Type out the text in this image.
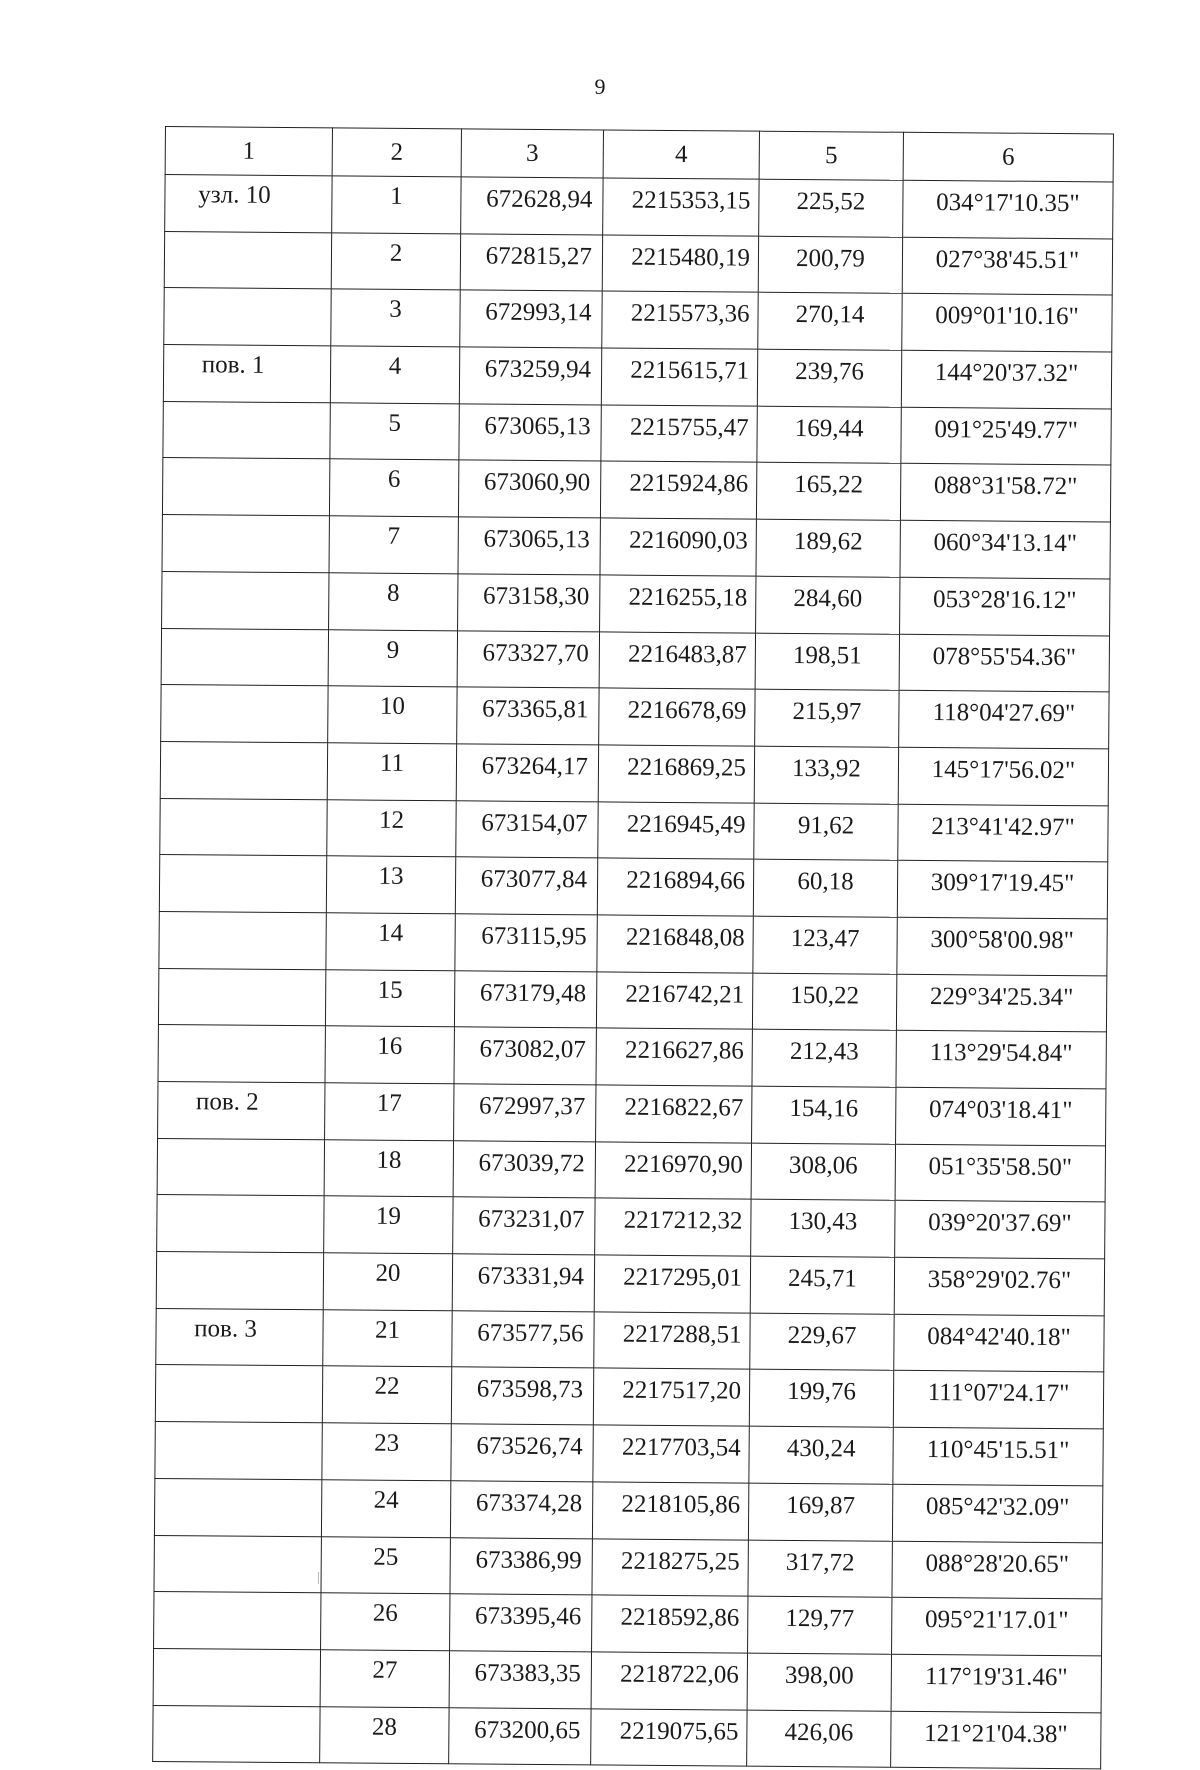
9
1	2	3	4	5	6
узл. 10	1	672628,94	2215353,15	225,52	034°17'10.35"
	2	672815,27	2215480,19	200,79	027°38'45.51"
	3	672993,14	2215573,36	270,14	009°01'10.16"
пов. 1	4	673259,94	2215615,71	239,76	144°20'37.32"
	5	673065,13	2215755,47	169,44	091°25'49.77"
	6	673060,90	2215924,86	165,22	088°31'58.72"
	7	673065,13	2216090,03	189,62	060°34'13.14"
	8	673158,30	2216255,18	284,60	053°28'16.12"
	9	673327,70	2216483,87	198,51	078°55'54.36"
	10	673365,81	2216678,69	215,97	118°04'27.69"
	11	673264,17	2216869,25	133,92	145°17'56.02"
	12	673154,07	2216945,49	91,62	213°41'42.97"
	13	673077,84	2216894,66	60,18	309°17'19.45"
	14	673115,95	2216848,08	123,47	300°58'00.98"
	15	673179,48	2216742,21	150,22	229°34'25.34"
	16	673082,07	2216627,86	212,43	113°29'54.84"
пов. 2	17	672997,37	2216822,67	154,16	074°03'18.41"
	18	673039,72	2216970,90	308,06	051°35'58.50"
	19	673231,07	2217212,32	130,43	039°20'37.69"
	20	673331,94	2217295,01	245,71	358°29'02.76"
пов. 3	21	673577,56	2217288,51	229,67	084°42'40.18"
	22	673598,73	2217517,20	199,76	111°07'24.17"
	23	673526,74	2217703,54	430,24	110°45'15.51"
	24	673374,28	2218105,86	169,87	085°42'32.09"
	25	673386,99	2218275,25	317,72	088°28'20.65"
	26	673395,46	2218592,86	129,77	095°21'17.01"
	27	673383,35	2218722,06	398,00	117°19'31.46"
	28	673200,65	2219075,65	426,06	121°21'04.38"
